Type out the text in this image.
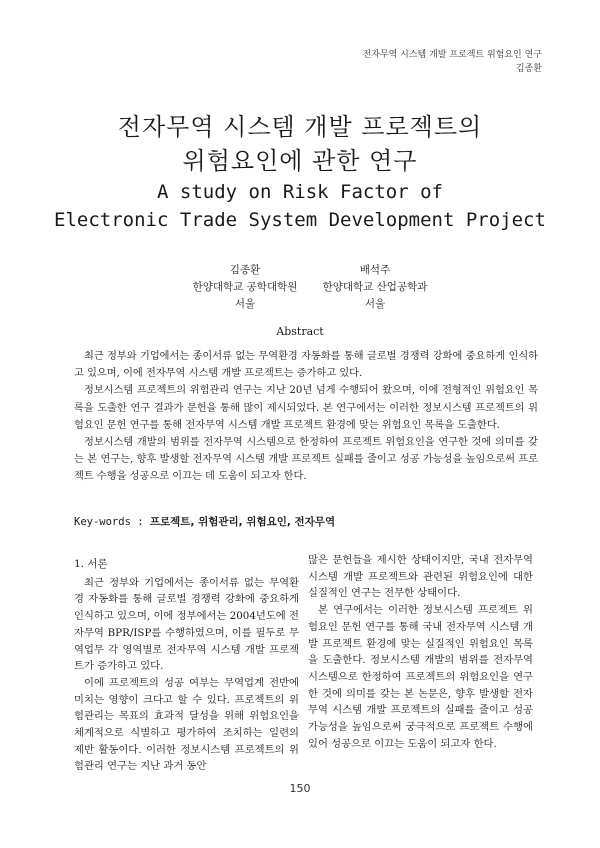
전자무역 시스템 개발 프로젝트 위험요인 연구
김종환
전자무역 시스템 개발 프로젝트의
위험요인에 관한 연구
A study on Risk Factor of
Electronic Trade System Development Project
김종환
한양대학교 공학대학원
서울
배석주
한양대학교 산업공학과
서울
Abstract

최근 정부와 기업에서는 종이서류 없는 무역환경 자동화를 통해 글로벌 경쟁력 강화에 중요하게 인식하고 있으며, 이에 전자무역 시스템 개발 프로젝트는 증가하고 있다.

정보시스템 프로젝트의 위험관리 연구는 지난 20년 넘게 수행되어 왔으며, 이에 전형적인 위험요인 목록을 도출한 연구 결과가 문헌을 통해 많이 제시되었다. 본 연구에서는 이러한 정보시스템 프로젝트의 위험요인 문헌 연구를 통해 전자무역 시스템 개발 프로젝트 환경에 맞는 위험요인 목록을 도출한다.

정보시스템 개발의 범위를 전자무역 시스템으로 한정하여 프로젝트 위험요인을 연구한 것에 의미를 갖는 본 연구는, 향후 발생할 전자무역 시스템 개발 프로젝트 실패를 줄이고 성공 가능성을 높임으로써 프로젝트 수행을 성공으로 이끄는 데 도움이 되고자 한다.

Key-words : 프로젝트, 위험관리, 위험요인, 전자무역
1. 서론

최근 정부와 기업에서는 종이서류 없는 무역환경 자동화를 통해 글로벌 경쟁력 강화에 중요하게 인식하고 있으며, 이에 정부에서는 2004년도에 전자무역 BPR/ISP를 수행하였으며, 이를 필두로 무역업무 각 영역별로 전자무역 시스템 개발 프로젝트가 증가하고 있다.

이에 프로젝트의 성공 여부는 무역업계 전반에 미치는 영향이 크다고 할 수 있다. 프로젝트의 위험관리는 목표의 효과적 달성을 위해 위험요인을 체계적으로 식별하고 평가하여 조치하는 일련의 제반 활동이다. 이러한 정보시스템 프로젝트의 위험관리 연구는 지난 과거 동안

많은 문헌들을 제시한 상태이지만, 국내 전자무역 시스템 개발 프로젝트와 관련된 위험요인에 대한 실질적인 연구는 전무한 상태이다.

본 연구에서는 이러한 정보시스템 프로젝트 위험요인 문헌 연구를 통해 국내 전자무역 시스템 개발 프로젝트 환경에 맞는 실질적인 위험요인 목록을 도출한다. 정보시스템 개발의 범위를 전자무역 시스템으로 한정하여 프로젝트의 위험요인을 연구한 것에 의미를 갖는 본 논문은, 향후 발생할 전자무역 시스템 개발 프로젝트의 실패를 줄이고 성공 가능성을 높임으로써 궁극적으로 프로젝트 수행에 있어 성공으로 이끄는 도움이 되고자 한다.

150
